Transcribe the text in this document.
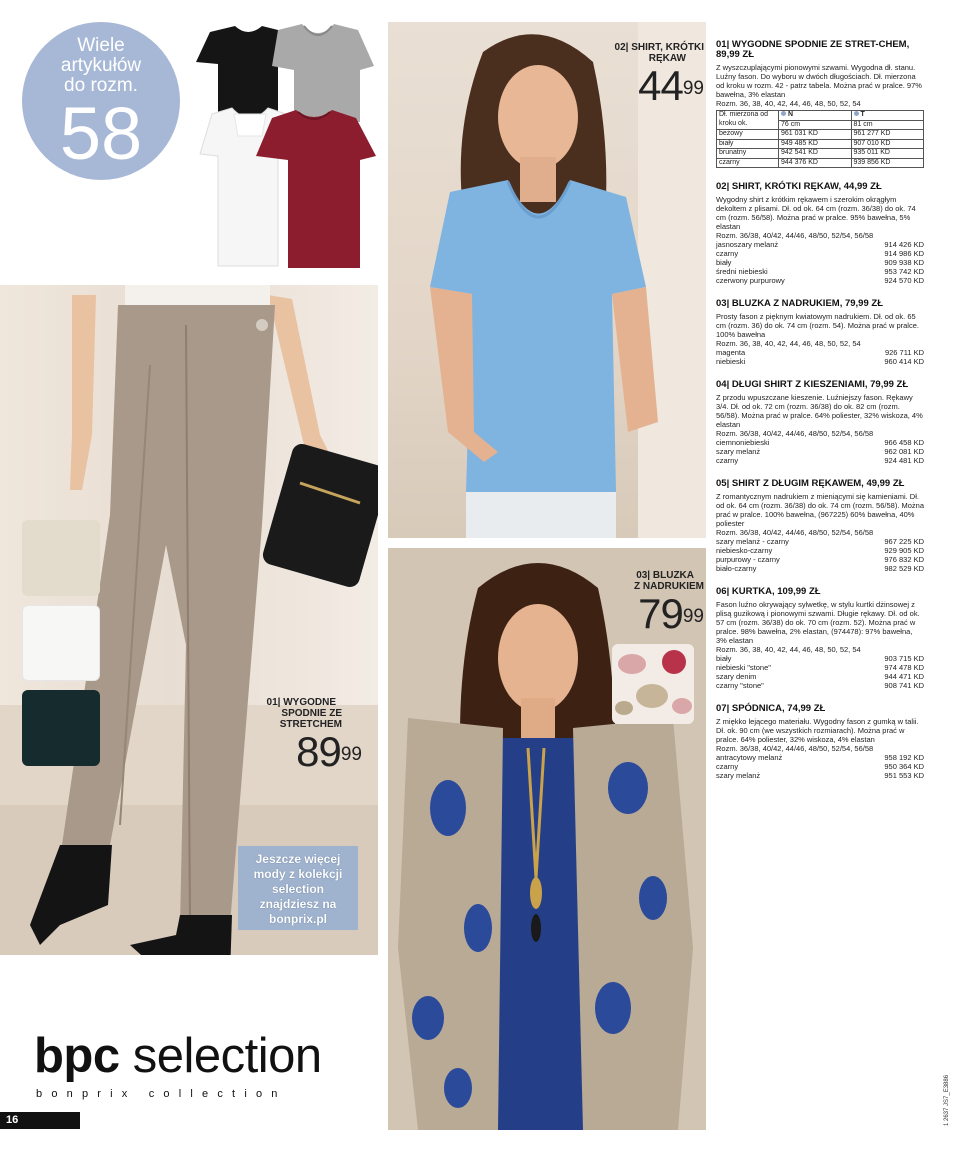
Wiele
artykułów
do rozm.
58
02| SHIRT, KRÓTKI
RĘKAW
$44^{99}$
03| BLUZKA
Z NADRUKIEM
$79^{99}$
01| WYGODNE
SPODNIE ZE
STRETCHEM
$89^{99}$
Jeszcze więcej
mody z kolekcji
selection
znajdziesz na
bonprix.pl
bpc selection
bonprix collection
16	1 2637 JS7_E3886
01| WYGODNE SPODNIE ZE STRET-CHEM, 89,99 ZŁ
Z wyszczuplającymi pionowymi szwami. Wygodna dł. stanu. Luźny fason. Do wyboru w dwóch długościach. Dł. mierzona od kroku w rozm. 42 - patrz tabela. Można prać w pralce. 97% bawełna, 3% elastan
Rozm. 36, 38, 40, 42, 44, 46, 48, 50, 52, 54
Dł. mierzona od kroku ok.	N	T
	76 cm	81 cm
beżowy	961 031 KD	961 277 KD
biały	949 485 KD	907 010 KD
brunatny	942 541 KD	935 011 KD
czarny	944 376 KD	939 856 KD
02| SHIRT, KRÓTKI RĘKAW, 44,99 ZŁ
Wygodny shirt z krótkim rękawem i szerokim okrągłym dekoltem z plisami. Dł. od ok. 64 cm (rozm. 36/38) do ok. 74 cm (rozm. 56/58). Można prać w pralce. 95% bawełna, 5% elastan
Rozm. 36/38, 40/42, 44/46, 48/50, 52/54, 56/58
jasnoszary melanż	914 426 KD
czarny	914 986 KD
biały	909 938 KD
średni niebieski	953 742 KD
czerwony purpurowy	924 570 KD
03| BLUZKA Z NADRUKIEM, 79,99 ZŁ
Prosty fason z pięknym kwiatowym nadrukiem. Dł. od ok. 65 cm (rozm. 36) do ok. 74 cm (rozm. 54). Można prać w pralce. 100% bawełna
Rozm. 36, 38, 40, 42, 44, 46, 48, 50, 52, 54
magenta	926 711 KD
niebieski	960 414 KD
04| DŁUGI SHIRT Z KIESZENIAMI, 79,99 ZŁ
Z przodu wpuszczane kieszenie. Luźniejszy fason. Rękawy 3/4. Dł. od ok. 72 cm (rozm. 36/38) do ok. 82 cm (rozm. 56/58). Można prać w pralce. 64% poliester, 32% wiskoza, 4% elastan
Rozm. 36/38, 40/42, 44/46, 48/50, 52/54, 56/58
ciemnoniebieski	966 458 KD
szary melanż	962 081 KD
czarny	924 481 KD
05| SHIRT Z DŁUGIM RĘKAWEM, 49,99 ZŁ
Z romantycznym nadrukiem z mieniącymi się kamieniami. Dł. od ok. 64 cm (rozm. 36/38) do ok. 74 cm (rozm. 56/58). Można prać w pralce. 100% bawełna, (967225) 60% bawełna, 40% poliester
Rozm. 36/38, 40/42, 44/46, 48/50, 52/54, 56/58
szary melanż - czarny	967 225 KD
niebiesko-czarny	929 905 KD
purpurowy - czarny	976 832 KD
biało-czarny	982 529 KD
06| KURTKA, 109,99 ZŁ
Fason luźno okrywający sylwetkę, w stylu kurtki dżinsowej z plisą guzikową i pionowymi szwami. Długie rękawy. Dł. od ok. 57 cm (rozm. 36/38) do ok. 70 cm (rozm. 52). Można prać w pralce. 98% bawełna, 2% elastan, (974478): 97% bawełna, 3% elastan
Rozm. 36, 38, 40, 42, 44, 46, 48, 50, 52, 54
biały	903 715 KD
niebieski "stone"	974 478 KD
szary denim	944 471 KD
czarny "stone"	908 741 KD
07| SPÓDNICA, 74,99 ZŁ
Z miękko lejącego materiału. Wygodny fason z gumką w talii. Dł. ok. 90 cm (we wszystkich rozmiarach). Można prać w pralce. 64% poliester, 32% wiskoza, 4% elastan
Rozm. 36/38, 40/42, 44/46, 48/50, 52/54, 56/58
antracytowy melanż	958 192 KD
czarny	950 364 KD
szary melanż	951 553 KD
